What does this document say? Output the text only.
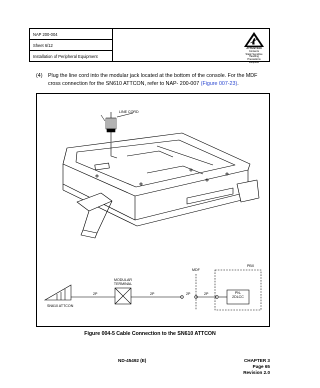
NAP 200-004
Sheet 6/12
Installation of Peripheral Equipment
ATTENTION
Contents
Static Sensitive
Handling
Precautions Required
(4) Plug the line cord into the modular jack located at the bottom of the console. For the MDF cross connection for the SN610 ATTCON, refer to NAP- 200-007 (Figure 007-23).
LINE CORD
MODULAR
TERMINAL
MDF
PBX
PN-
2DLCC
SN610 ATTCON
2P	2P	2P
2P
Figure 004-5 Cable Connection to the SN610 ATTCON
ND-45492 (E)	CHAPTER 3
Page 65
Revision 2.0
